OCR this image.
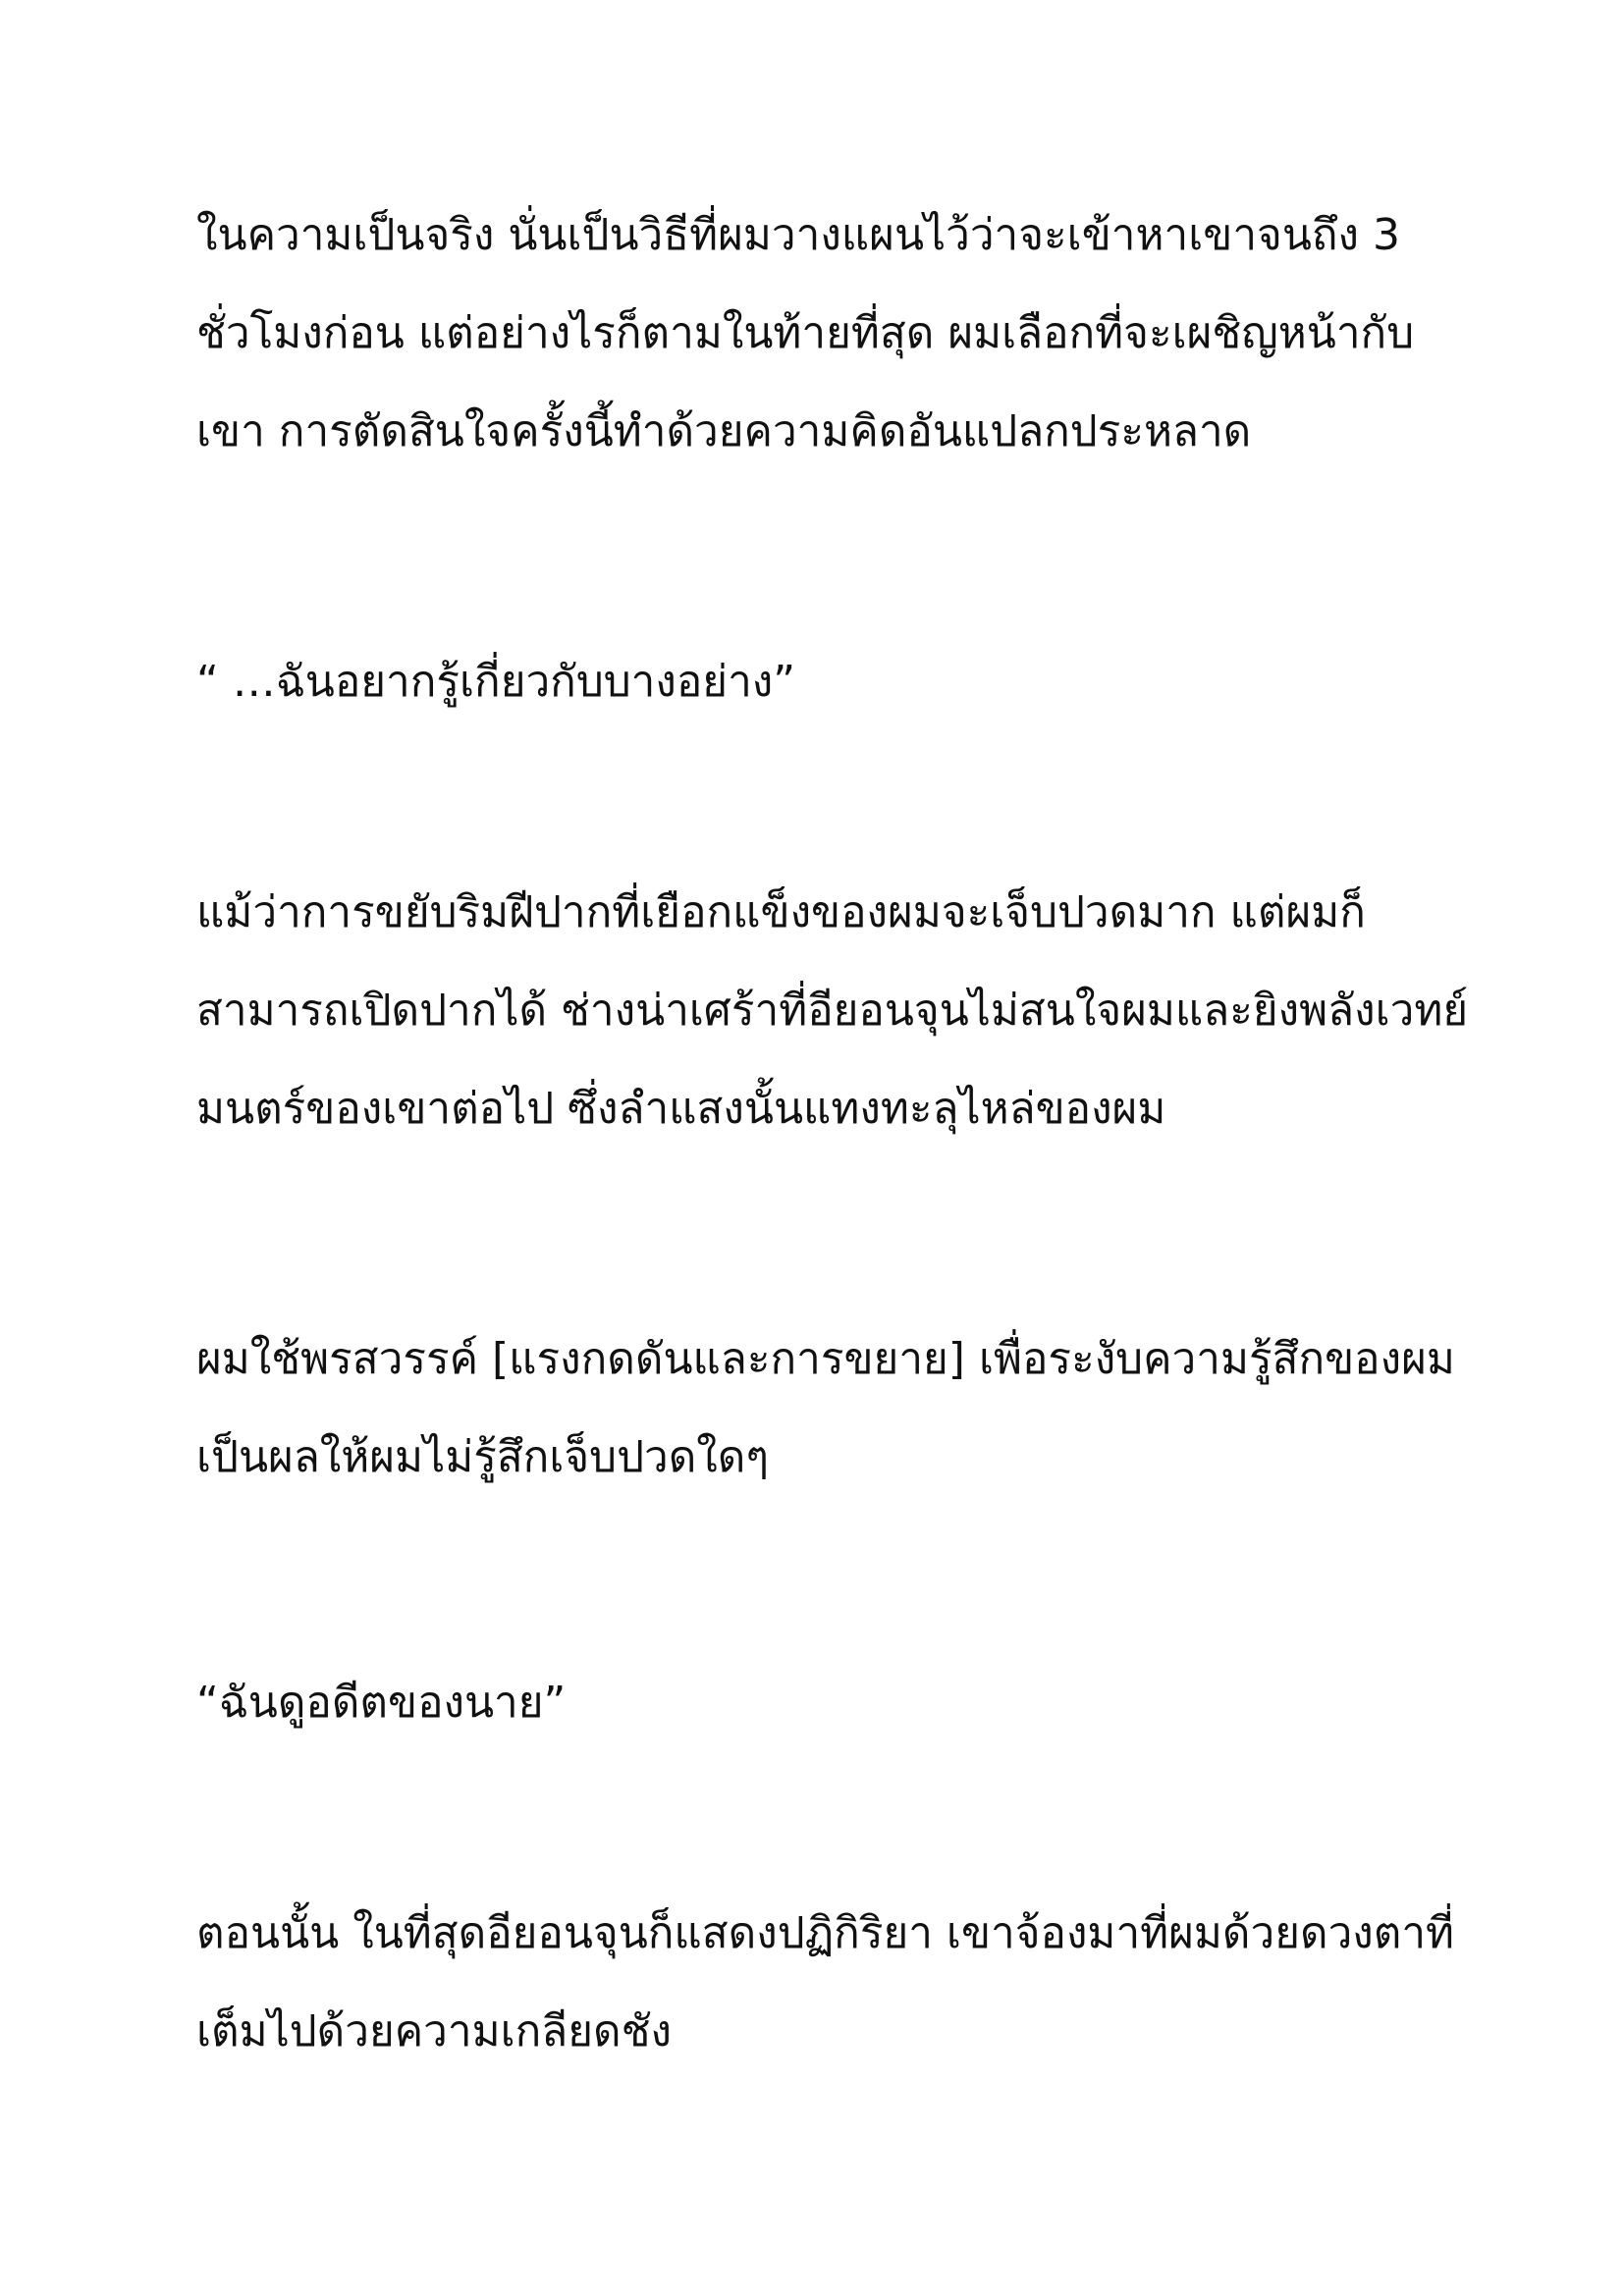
ในความเป็นจริง นั่นเป็นวิธีที่ผมวางแผนไว้ว่าจะเข้าหาเขาจนถึง 3
ชั่วโมงก่อน แต่อย่างไรก็ตามในท้ายที่สุด ผมเลือกที่จะเผชิญหน้ากับ
เขา การตัดสินใจครั้งนี้ทำด้วยความคิดอันแปลกประหลาด

“ …ฉันอยากรู้เกี่ยวกับบางอย่าง”

แม้ว่าการขยับริมฝีปากที่เยือกแข็งของผมจะเจ็บปวดมาก แต่ผมก็
สามารถเปิดปากได้ ช่างน่าเศร้าที่อียอนจุนไม่สนใจผมและยิงพลังเวทย์
มนตร์ของเขาต่อไป ซึ่งลำแสงนั้นแทงทะลุไหล่ของผม

ผมใช้พรสวรรค์ [แรงกดดันและการขยาย] เพื่อระงับความรู้สึกของผม
เป็นผลให้ผมไม่รู้สึกเจ็บปวดใดๆ

“ฉันดูอดีตของนาย”

ตอนนั้น ในที่สุดอียอนจุนก็แสดงปฏิกิริยา เขาจ้องมาที่ผมด้วยดวงตาที่
เต็มไปด้วยความเกลียดชัง
